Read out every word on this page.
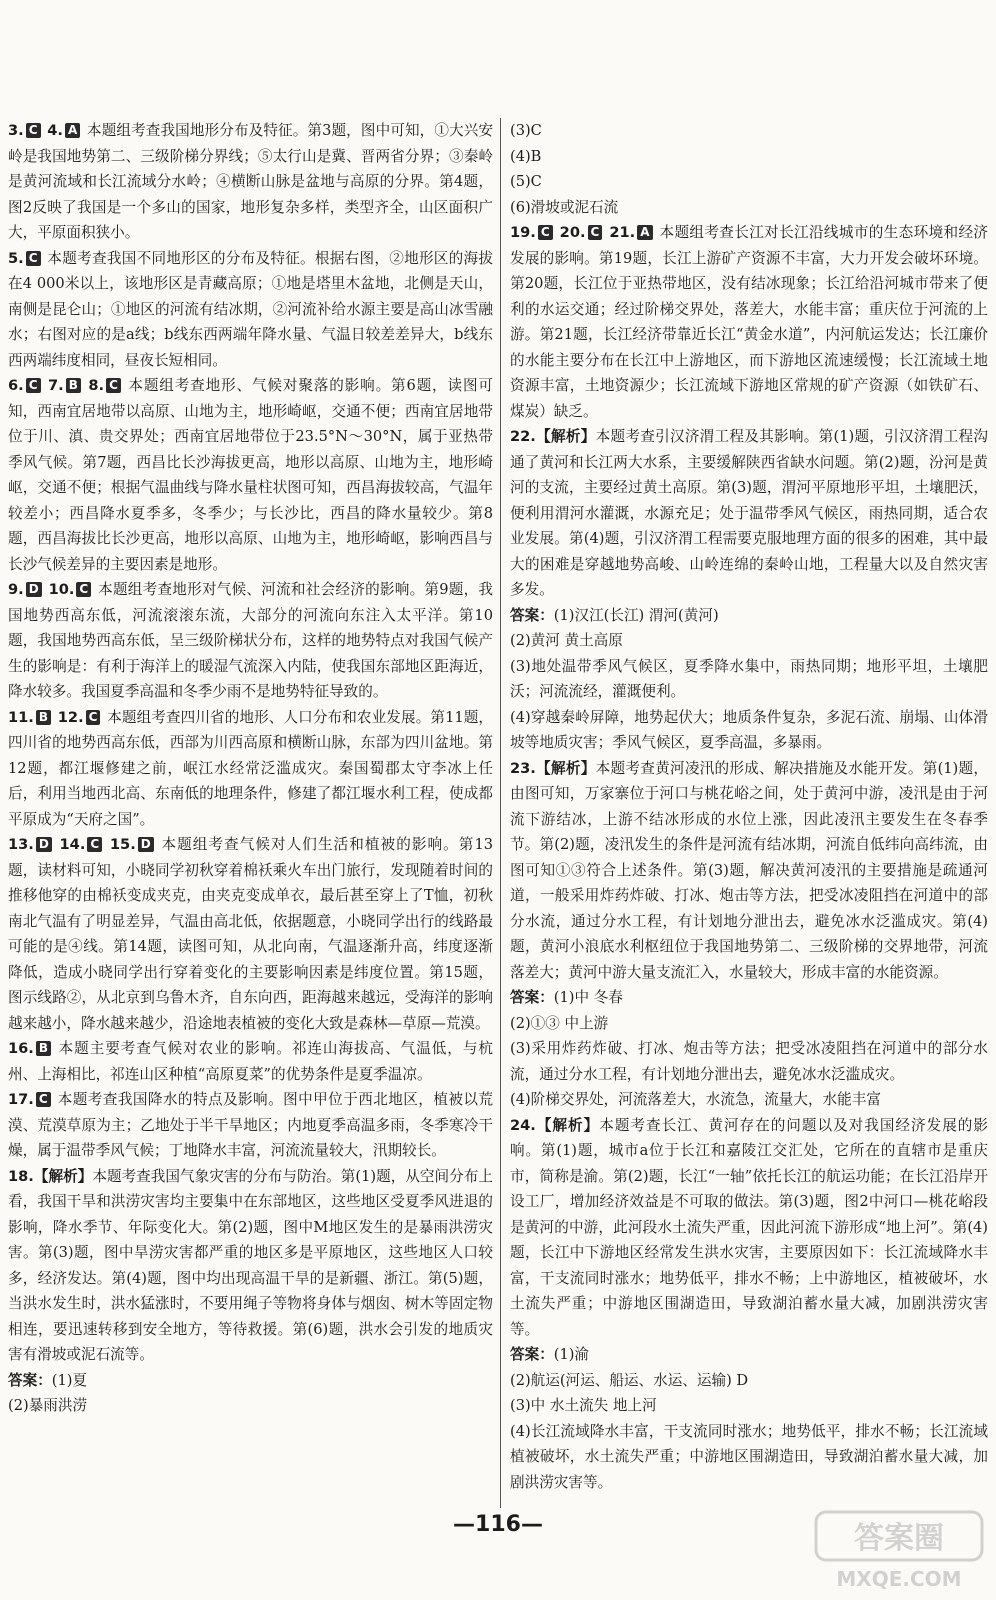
3. C 4. A 本题组考查我国地形分布及特征。第3题，图中可知，①大兴安岭是我国地势第二、三级阶梯分界线；⑤太行山是冀、晋两省分界；③秦岭是黄河流域和长江流域分水岭；④横断山脉是盆地与高原的分界。第4题，图2反映了我国是一个多山的国家，地形复杂多样，类型齐全，山区面积广大，平原面积狭小。

5. C 本题考查我国不同地形区的分布及特征。根据右图，②地形区的海拔在4 000米以上，该地形区是青藏高原；①地是塔里木盆地，北侧是天山，南侧是昆仑山；①地区的河流有结冰期，②河流补给水源主要是高山冰雪融水；右图对应的是a线；b线东西两端年降水量、气温日较差差异大，b线东西两端纬度相同，昼夜长短相同。

6. C 7. B 8. C 本题组考查地形、气候对聚落的影响。第6题，读图可知，西南宜居地带以高原、山地为主，地形崎岖，交通不便；西南宜居地带位于川、滇、贵交界处；西南宜居地带位于23.5°N～30°N，属于亚热带季风气候。第7题，西昌比长沙海拔更高，地形以高原、山地为主，地形崎岖，交通不便；根据气温曲线与降水量柱状图可知，西昌海拔较高，气温年较差小；西昌降水夏季多，冬季少；与长沙比，西昌的降水量较少。第8题，西昌海拔比长沙更高，地形以高原、山地为主，地形崎岖，影响西昌与长沙气候差异的主要因素是地形。

9. D 10. C 本题组考查地形对气候、河流和社会经济的影响。第9题，我国地势西高东低，河流滚滚东流，大部分的河流向东注入太平洋。第10题，我国地势西高东低，呈三级阶梯状分布，这样的地势特点对我国气候产生的影响是：有利于海洋上的暖湿气流深入内陆，使我国东部地区距海近，降水较多。我国夏季高温和冬季少雨不是地势特征导致的。

11. B 12. C 本题组考查四川省的地形、人口分布和农业发展。第11题，四川省的地势西高东低，西部为川西高原和横断山脉，东部为四川盆地。第12题，都江堰修建之前，岷江水经常泛滥成灾。秦国蜀郡太守李冰上任后，利用当地西北高、东南低的地理条件，修建了都江堰水利工程，使成都平原成为“天府之国”。

13. D 14. C 15. D 本题组考查气候对人们生活和植被的影响。第13题，读材料可知，小晓同学初秋穿着棉袄乘火车出门旅行，发现随着时间的推移他穿的由棉袄变成夹克，由夹克变成单衣，最后甚至穿上了T恤，初秋南北气温有了明显差异，气温由高北低，依据题意，小晓同学出行的线路最可能的是④线。第14题，读图可知，从北向南，气温逐渐升高，纬度逐渐降低，造成小晓同学出行穿着变化的主要影响因素是纬度位置。第15题，图示线路②，从北京到乌鲁木齐，自东向西，距海越来越远，受海洋的影响越来越小，降水越来越少，沿途地表植被的变化大致是森林—草原—荒漠。

16. B 本题主要考查气候对农业的影响。祁连山海拔高、气温低，与杭州、上海相比，祁连山区种植“高原夏菜”的优势条件是夏季温凉。

17. C 本题考查我国降水的特点及影响。图中甲位于西北地区，植被以荒漠、荒漠草原为主；乙地处于半干旱地区；内地夏季高温多雨，冬季寒冷干燥，属于温带季风气候；丁地降水丰富，河流流量较大，汛期较长。

18.【解析】本题考查我国气象灾害的分布与防治。第(1)题，从空间分布上看，我国干旱和洪涝灾害均主要集中在东部地区，这些地区受夏季风进退的影响，降水季节、年际变化大。第(2)题，图中M地区发生的是暴雨洪涝灾害。第(3)题，图中旱涝灾害都严重的地区多是平原地区，这些地区人口较多，经济发达。第(4)题，图中均出现高温干旱的是新疆、浙江。第(5)题，当洪水发生时，洪水猛涨时，不要用绳子等物将身体与烟囱、树木等固定物相连，要迅速转移到安全地方，等待救援。第(6)题，洪水会引发的地质灾害有滑坡或泥石流等。

答案：(1)夏

(2)暴雨洪涝

(3)C

(4)B

(5)C

(6)滑坡或泥石流

19. C 20. C 21. A 本题组考查长江对长江沿线城市的生态环境和经济发展的影响。第19题，长江上游矿产资源不丰富，大力开发会破坏环境。第20题，长江位于亚热带地区，没有结冰现象；长江给沿河城市带来了便利的水运交通；经过阶梯交界处，落差大，水能丰富；重庆位于河流的上游。第21题，长江经济带靠近长江“黄金水道”，内河航运发达；长江廉价的水能主要分布在长江中上游地区，而下游地区流速缓慢；长江流域土地资源丰富，土地资源少；长江流域下游地区常规的矿产资源（如铁矿石、煤炭）缺乏。

22.【解析】本题考查引汉济渭工程及其影响。第(1)题，引汉济渭工程沟通了黄河和长江两大水系，主要缓解陕西省缺水问题。第(2)题，汾河是黄河的支流，主要经过黄土高原。第(3)题，渭河平原地形平坦，土壤肥沃，便利用渭河水灌溉，水源充足；处于温带季风气候区，雨热同期，适合农业发展。第(4)题，引汉济渭工程需要克服地理方面的很多的困难，其中最大的困难是穿越地势高峻、山岭连绵的秦岭山地，工程量大以及自然灾害多发。

答案：(1)汉江(长江) 渭河(黄河)

(2)黄河 黄土高原

(3)地处温带季风气候区，夏季降水集中，雨热同期；地形平坦，土壤肥沃；河流流经，灌溉便利。

(4)穿越秦岭屏障，地势起伏大；地质条件复杂，多泥石流、崩塌、山体滑坡等地质灾害；季风气候区，夏季高温，多暴雨。

23.【解析】本题考查黄河凌汛的形成、解决措施及水能开发。第(1)题，由图可知，万家寨位于河口与桃花峪之间，处于黄河中游，凌汛是由于河流下游结冰，上游不结冰形成的水位上涨，因此凌汛主要发生在冬春季节。第(2)题，凌汛发生的条件是河流有结冰期，河流自低纬向高纬流，由图可知①③符合上述条件。第(3)题，解决黄河凌汛的主要措施是疏通河道，一般采用炸药炸破、打冰、炮击等方法，把受冰凌阻挡在河道中的部分水流，通过分水工程，有计划地分泄出去，避免冰水泛滥成灾。第(4)题，黄河小浪底水利枢纽位于我国地势第二、三级阶梯的交界地带，河流落差大；黄河中游大量支流汇入，水量较大，形成丰富的水能资源。

答案：(1)中 冬春

(2)①③ 中上游

(3)采用炸药炸破、打冰、炮击等方法；把受冰凌阻挡在河道中的部分水流，通过分水工程，有计划地分泄出去，避免冰水泛滥成灾。

(4)阶梯交界处，河流落差大，水流急，流量大，水能丰富

24.【解析】本题考查长江、黄河存在的问题以及对我国经济发展的影响。第(1)题，城市a位于长江和嘉陵江交汇处，它所在的直辖市是重庆市，简称是渝。第(2)题，长江“一轴”依托长江的航运功能；在长江沿岸开设工厂，增加经济效益是不可取的做法。第(3)题，图2中河口—桃花峪段是黄河的中游，此河段水土流失严重，因此河流下游形成“地上河”。第(4)题，长江中下游地区经常发生洪水灾害，主要原因如下：长江流域降水丰富，干支流同时涨水；地势低平，排水不畅；上中游地区，植被破坏，水土流失严重；中游地区围湖造田，导致湖泊蓄水量大减，加剧洪涝灾害等。

答案：(1)渝

(2)航运(河运、船运、水运、运输) D

(3)中 水土流失 地上河

(4)长江流域降水丰富，干支流同时涨水；地势低平，排水不畅；长江流域植被破坏，水土流失严重；中游地区围湖造田，导致湖泊蓄水量大减，加剧洪涝灾害等。

—116—	答案圈
MXQE.COM
